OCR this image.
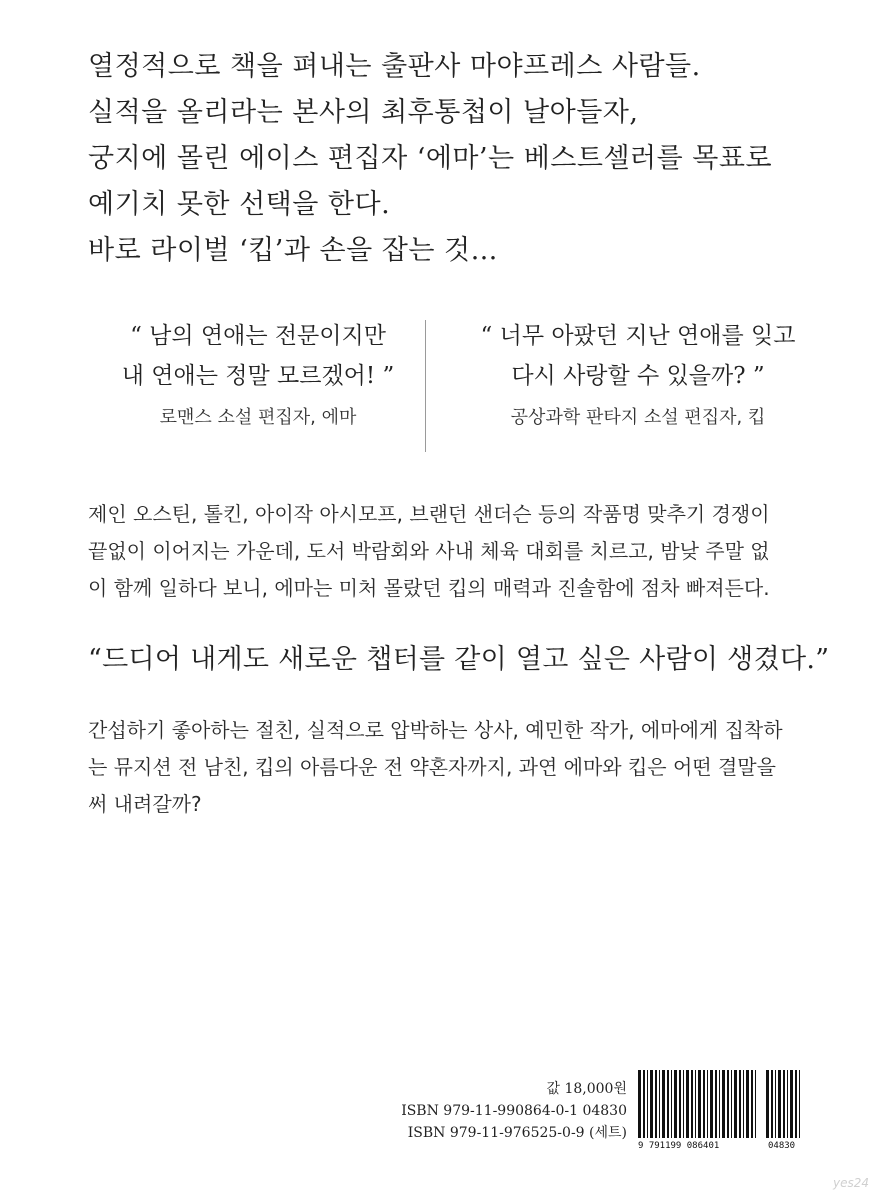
열정적으로 책을 펴내는 출판사 마야프레스 사람들.

실적을 올리라는 본사의 최후통첩이 날아들자,

궁지에 몰린 에이스 편집자 ‘에마’는 베스트셀러를 목표로

예기치 못한 선택을 한다.

바로 라이벌 ‘킵’과 손을 잡는 것…

“ 남의 연애는 전문이지만
내 연애는 정말 모르겠어! ”
로맨스 소설 편집자, 에마
“ 너무 아팠던 지난 연애를 잊고
다시 사랑할 수 있을까? ”
공상과학 판타지 소설 편집자, 킵

제인 오스틴, 톨킨, 아이작 아시모프, 브랜던 샌더슨 등의 작품명 맞추기 경쟁이

끝없이 이어지는 가운데, 도서 박람회와 사내 체육 대회를 치르고, 밤낮 주말 없

이 함께 일하다 보니, 에마는 미처 몰랐던 킵의 매력과 진솔함에 점차 빠져든다.

“드디어 내게도 새로운 챕터를 같이 열고 싶은 사람이 생겼다.”

간섭하기 좋아하는 절친, 실적으로 압박하는 상사, 예민한 작가, 에마에게 집착하

는 뮤지션 전 남친, 킵의 아름다운 전 약혼자까지, 과연 에마와 킵은 어떤 결말을

써 내려갈까?

값 18,000원

ISBN 979-11-990864-0-1 04830

ISBN 979-11-976525-0-9 (세트)

9 791199 086401	04830
yes24
